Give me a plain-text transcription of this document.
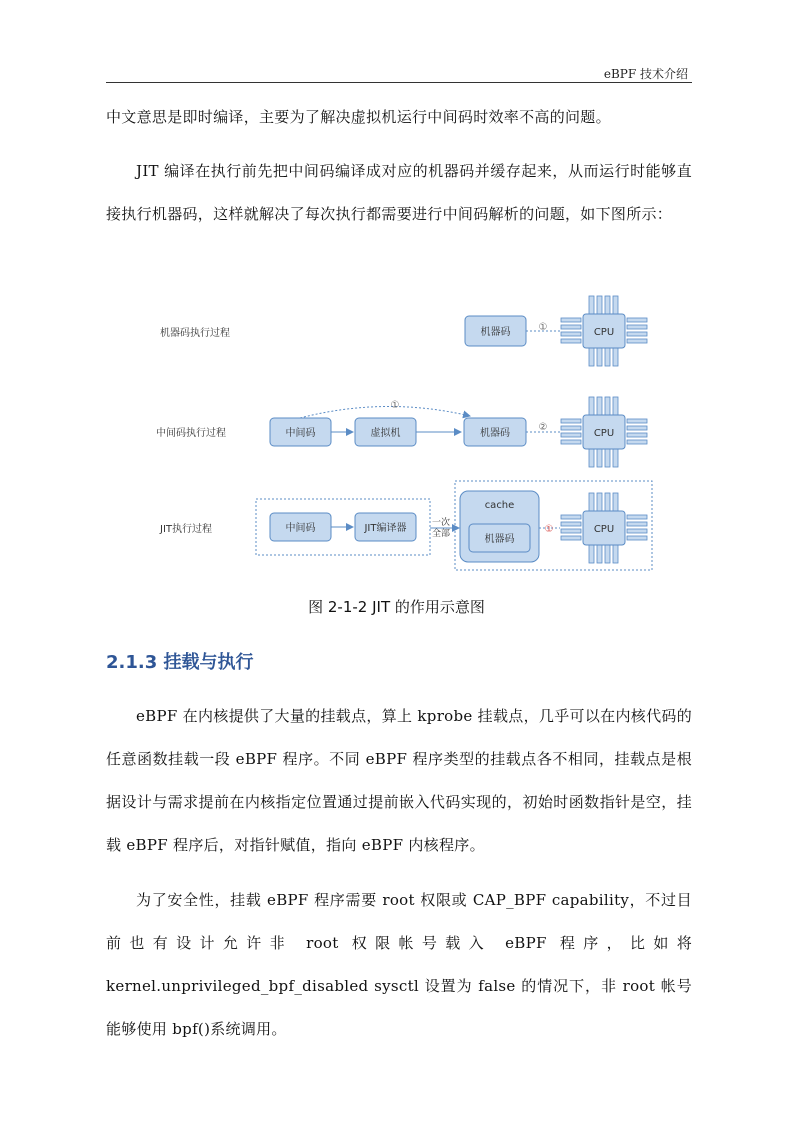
eBPF 技术介绍

中文意思是即时编译，主要为了解决虚拟机运行中间码时效率不高的问题。

JIT 编译在执行前先把中间码编译成对应的机器码并缓存起来，从而运行时能够直接执行机器码，这样就解决了每次执行都需要进行中间码解析的问题，如下图所示：

机器码执行过程	机器码	①	CPU
中间码执行过程	中间码	虚拟机
①
机器码
②
CPU
JIT执行过程	中间码	JIT编译器	一次
全部
cache
机器码
①	CPU
图 2-1-2 JIT 的作用示意图
2.1.3 挂载与执行

eBPF 在内核提供了大量的挂载点，算上 kprobe 挂载点，几乎可以在内核代码的任意函数挂载一段 eBPF 程序。不同 eBPF 程序类型的挂载点各不相同，挂载点是根据设计与需求提前在内核指定位置通过提前嵌入代码实现的，初始时函数指针是空，挂载 eBPF 程序后，对指针赋值，指向 eBPF 内核程序。

为了安全性，挂载 eBPF 程序需要 root 权限或 CAP_BPF capability，不过目前也有设计允许非 root 权限帐号载入 eBPF 程序，比如将 kernel.unprivileged_bpf_disabled sysctl 设置为 false 的情况下，非 root 帐号能够使用 bpf()系统调用。
